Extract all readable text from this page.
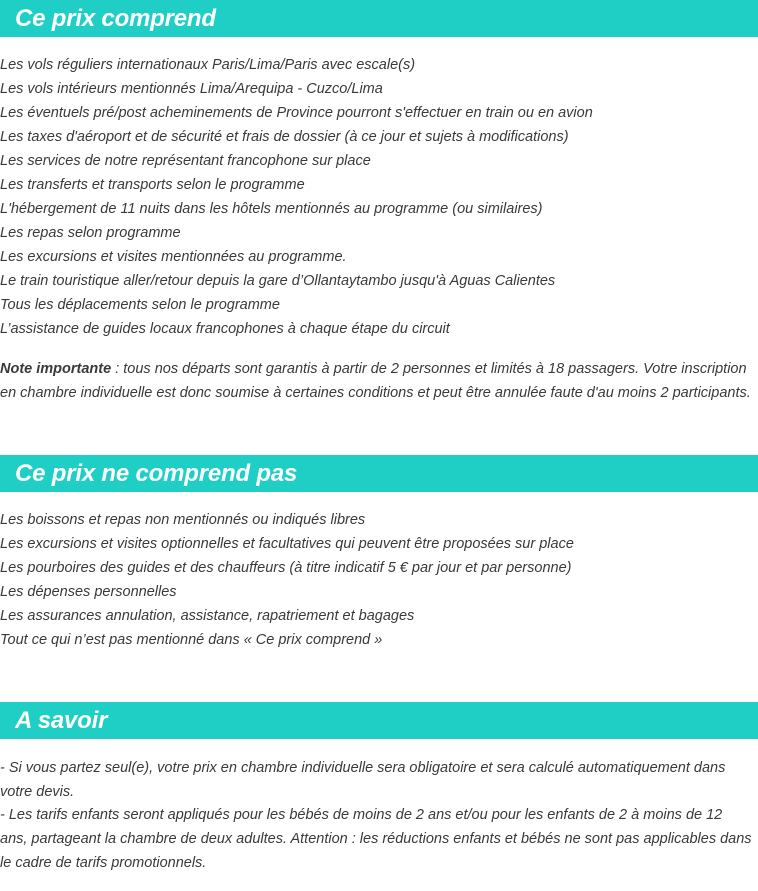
Ce prix comprend
Les vols réguliers internationaux Paris/Lima/Paris avec escale(s)
Les vols intérieurs mentionnés Lima/Arequipa - Cuzco/Lima
Les éventuels pré/post acheminements de Province pourront s'effectuer en train ou en avion
Les taxes d'aéroport et de sécurité et frais de dossier (à ce jour et sujets à modifications)
Les services de notre représentant francophone sur place
Les transferts et transports selon le programme
L'hébergement de 11 nuits dans les hôtels mentionnés au programme (ou similaires)
Les repas selon programme
Les excursions et visites mentionnées au programme.
Le train touristique aller/retour depuis la gare d’Ollantaytambo jusqu'à Aguas Calientes
Tous les déplacements selon le programme
L’assistance de guides locaux francophones à chaque étape du circuit

Note importante : tous nos départs sont garantis à partir de 2 personnes et limités à 18 passagers. Votre inscription en chambre individuelle est donc soumise à certaines conditions et peut être annulée faute d'au moins 2 participants.

Ce prix ne comprend pas
Les boissons et repas non mentionnés ou indiqués libres
Les excursions et visites optionnelles et facultatives qui peuvent être proposées sur place
Les pourboires des guides et des chauffeurs (à titre indicatif 5 € par jour et par personne)
Les dépenses personnelles
Les assurances annulation, assistance, rapatriement et bagages
Tout ce qui n’est pas mentionné dans « Ce prix comprend »
A savoir

- Si vous partez seul(e), votre prix en chambre individuelle sera obligatoire et sera calculé automatiquement dans votre devis.

- Les tarifs enfants seront appliqués pour les bébés de moins de 2 ans et/ou pour les enfants de 2 à moins de 12 ans, partageant la chambre de deux adultes. Attention : les réductions enfants et bébés ne sont pas applicables dans le cadre de tarifs promotionnels.
